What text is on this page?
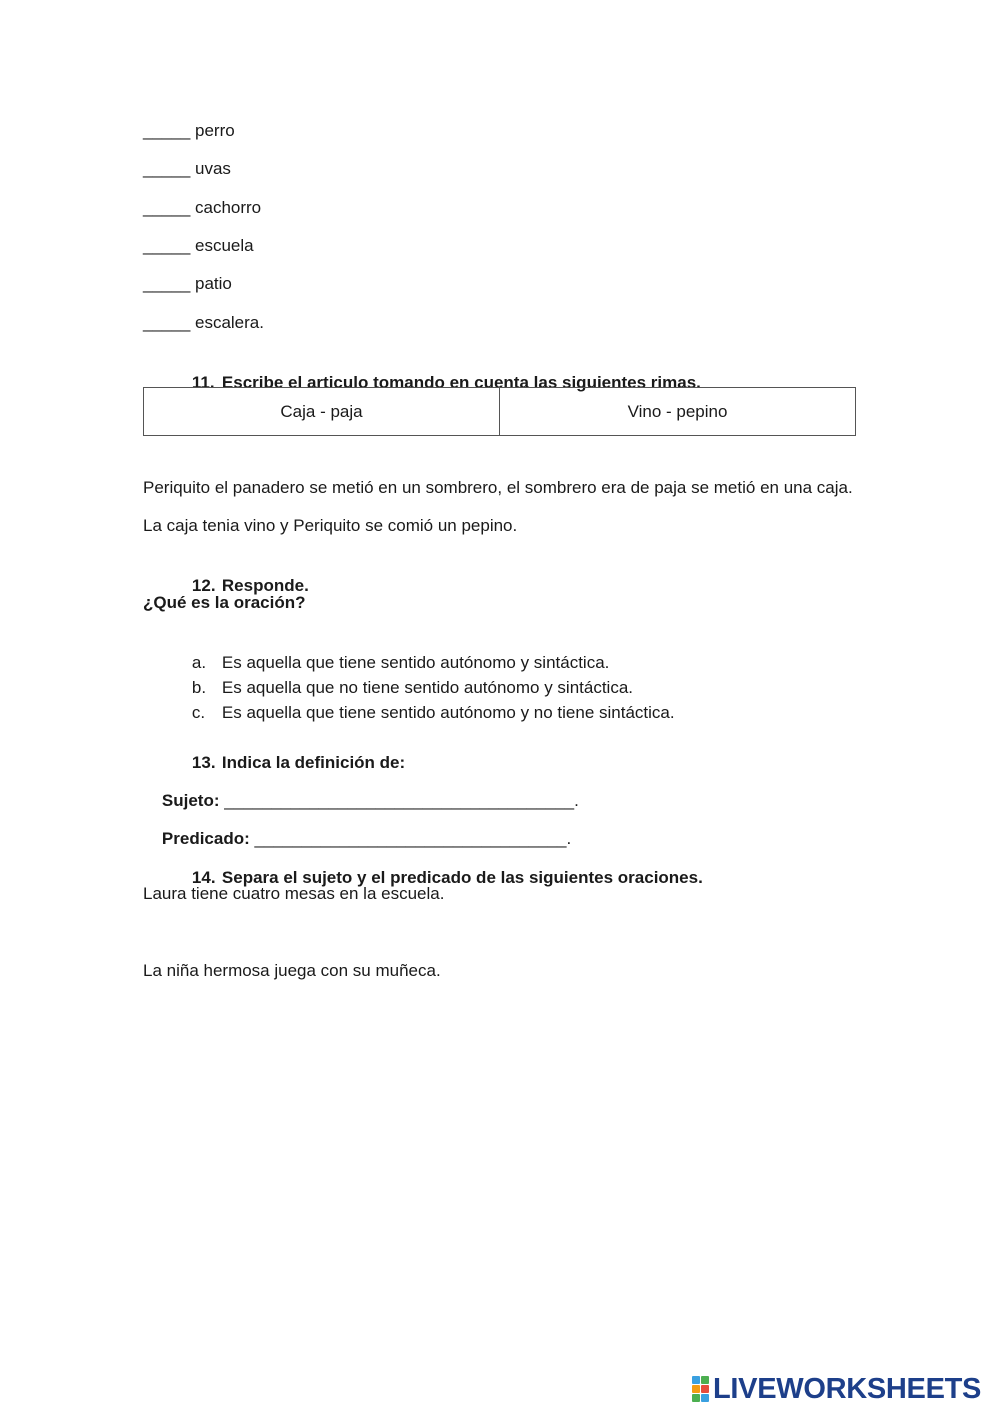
_____ perro
_____ uvas
_____ cachorro
_____ escuela
_____ patio
_____ escalera.

11. Escribe el articulo tomando en cuenta las siguientes rimas.

Caja - paja	Vino - pepino
Periquito el panadero se metió en un sombrero, el sombrero era de paja se metió en una caja.
La caja tenia vino y Periquito se comió un pepino.

12. Responde.

¿Qué es la oración?

a. Es aquella que tiene sentido autónomo y sintáctica.

b. Es aquella que no tiene sentido autónomo y sintáctica.

c. Es aquella que tiene sentido autónomo y no tiene sintáctica.

13. Indica la definición de:

Sujeto: _____________________________________.

Predicado: _________________________________.

14. Separa el sujeto y el predicado de las siguientes oraciones.

Laura tiene cuatro mesas en la escuela.
La niña hermosa juega con su muñeca.
LIVEWORKSHEETS
